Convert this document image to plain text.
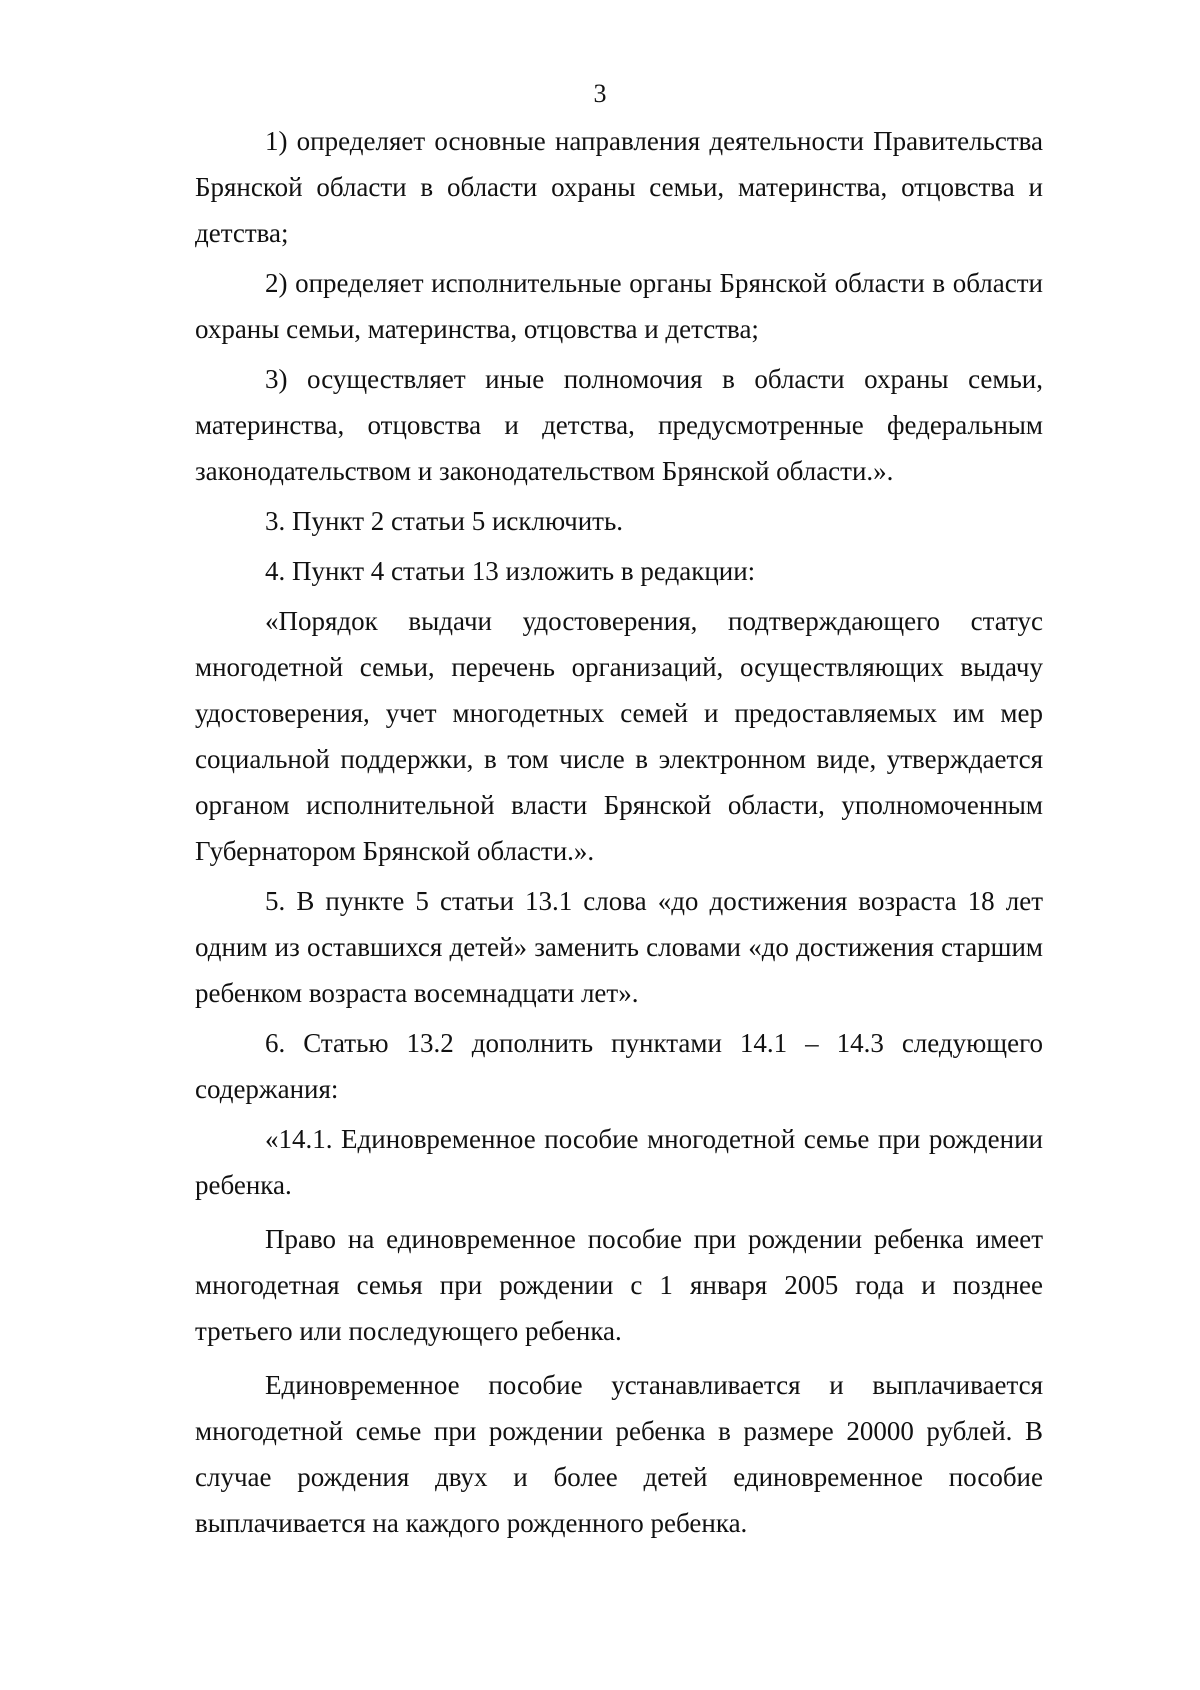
3

1) определяет основные направления деятельности Правительства Брянской области в области охраны семьи, материнства, отцовства и детства;

2) определяет исполнительные органы Брянской области в области охраны семьи, материнства, отцовства и детства;

3) осуществляет иные полномочия в области охраны семьи, материнства, отцовства и детства, предусмотренные федеральным законодательством и законодательством Брянской области.».

3. Пункт 2 статьи 5 исключить.

4. Пункт 4 статьи 13 изложить в редакции:

«Порядок выдачи удостоверения, подтверждающего статус многодетной семьи, перечень организаций, осуществляющих выдачу удостоверения, учет многодетных семей и предоставляемых им мер социальной поддержки, в том числе в электронном виде, утверждается органом исполнительной власти Брянской области, уполномоченным Губернатором Брянской области.».

5. В пункте 5 статьи 13.1 слова «до достижения возраста 18 лет одним из оставшихся детей» заменить словами «до достижения старшим ребенком возраста восемнадцати лет».

6. Статью 13.2 дополнить пунктами 14.1 – 14.3 следующего содержания:

«14.1. Единовременное пособие многодетной семье при рождении ребенка.

Право на единовременное пособие при рождении ребенка имеет многодетная семья при рождении с 1 января 2005 года и позднее третьего или последующего ребенка.

Единовременное пособие устанавливается и выплачивается многодетной семье при рождении ребенка в размере 20000 рублей. В случае рождения двух и более детей единовременное пособие выплачивается на каждого рожденного ребенка.
